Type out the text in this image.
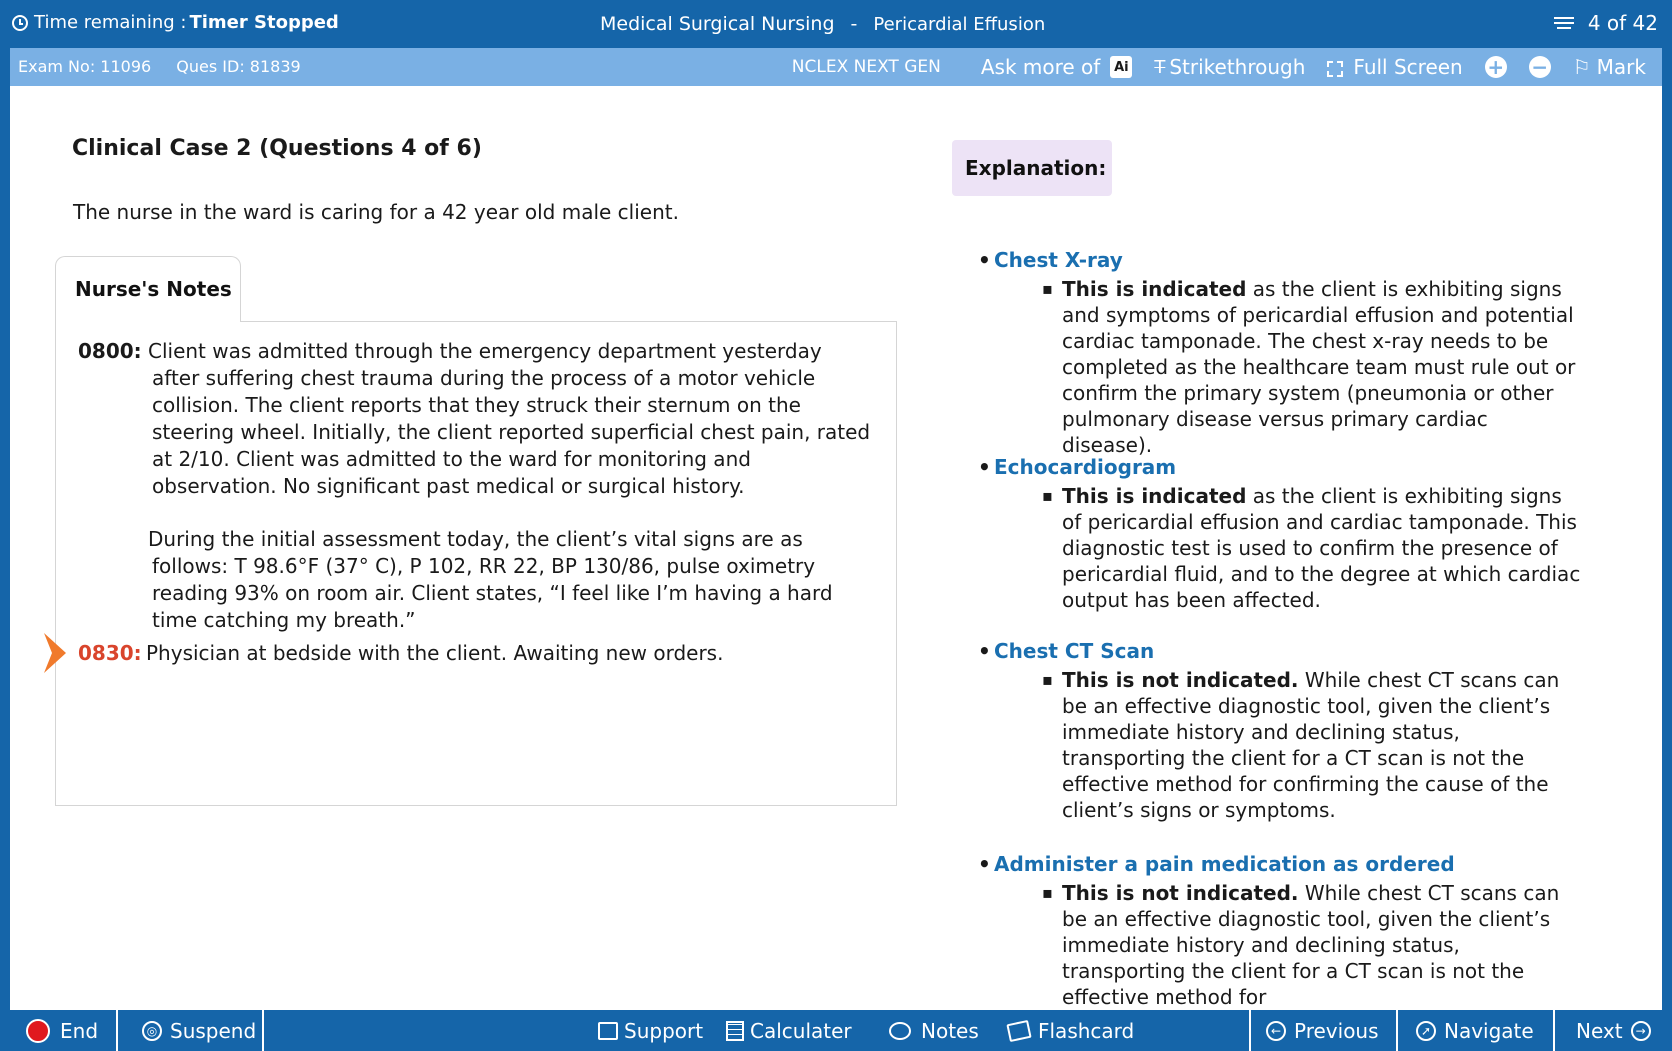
Time remaining : Timer Stopped	Medical Surgical Nursing - Pericardial Effusion	4 of 42
Exam No: 11096 Ques ID: 81839	NCLEX NEXT GEN Ask more of Ai T Strikethrough Full Screen + − ⚐ Mark
Clinical Case 2 (Questions 4 of 6)
The nurse in the ward is caring for a 42 year old male client.
Nurse's Notes
0800: Client was admitted through the emergency department yesterday after suffering chest trauma during the process of a motor vehicle collision. The client reports that they struck their sternum on the steering wheel. Initially, the client reported superficial chest pain, rated at 2/10. Client was admitted to the ward for monitoring and observation. No significant past medical or surgical history.

During the initial assessment today, the client’s vital signs are as follows: T 98.6°F (37° C), P 102, RR 22, BP 130/86, pulse oximetry reading 93% on room air. Client states, “I feel like I’m having a hard time catching my breath.”

0830: Physician at bedside with the client. Awaiting new orders.

Explanation:
• Chest X-ray
▪ This is indicated as the client is exhibiting signs and symptoms of pericardial effusion and potential cardiac tamponade. The chest x-ray needs to be completed as the healthcare team must rule out or confirm the primary system (pneumonia or other pulmonary disease versus primary cardiac disease).
• Echocardiogram
▪ This is indicated as the client is exhibiting signs of pericardial effusion and cardiac tamponade. This diagnostic test is used to confirm the presence of pericardial fluid, and to the degree at which cardiac output has been affected.
• Chest CT Scan
▪ This is not indicated. While chest CT scans can be an effective diagnostic tool, given the client’s immediate history and declining status, transporting the client for a CT scan is not the effective method for confirming the cause of the client’s signs or symptoms.
• Administer a pain medication as ordered
▪ This is not indicated. While chest CT scans can be an effective diagnostic tool, given the client’s immediate history and declining status, transporting the client for a CT scan is not the effective method for
End	◎ Suspend	Support Calculater	Notes	Flashcard	← Previous	➚ Navigate Next	→
